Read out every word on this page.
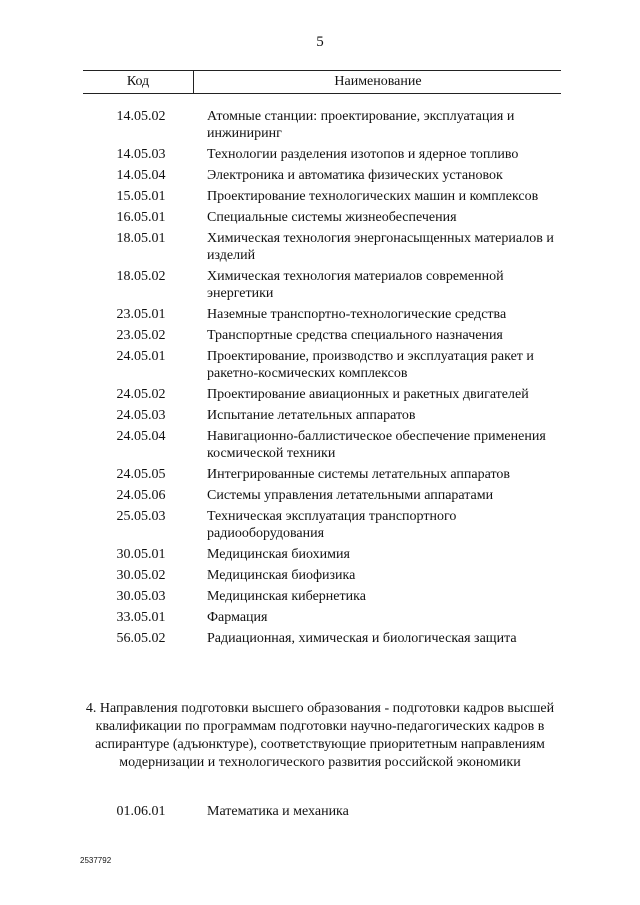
5
Код	Наименование
14.05.02	Атомные станции: проектирование, эксплуатация и инжиниринг
14.05.03	Технологии разделения изотопов и ядерное топливо
14.05.04	Электроника и автоматика физических установок
15.05.01	Проектирование технологических машин и комплексов
16.05.01	Специальные системы жизнеобеспечения
18.05.01	Химическая технология энергонасыщенных материалов и изделий
18.05.02	Химическая технология материалов современной энергетики
23.05.01	Наземные транспортно-технологические средства
23.05.02	Транспортные средства специального назначения
24.05.01	Проектирование, производство и эксплуатация ракет и ракетно-космических комплексов
24.05.02	Проектирование авиационных и ракетных двигателей
24.05.03	Испытание летательных аппаратов
24.05.04	Навигационно-баллистическое обеспечение применения космической техники
24.05.05	Интегрированные системы летательных аппаратов
24.05.06	Системы управления летательными аппаратами
25.05.03	Техническая эксплуатация транспортного радиооборудования
30.05.01	Медицинская биохимия
30.05.02	Медицинская биофизика
30.05.03	Медицинская кибернетика
33.05.01	Фармация
56.05.02	Радиационная, химическая и биологическая защита
4. Направления подготовки высшего образования - подготовки кадров высшей квалификации по программам подготовки научно-педагогических кадров в аспирантуре (адъюнктуре), соответствующие приоритетным направлениям модернизации и технологического развития российской экономики
01.06.01	Математика и механика
2537792
